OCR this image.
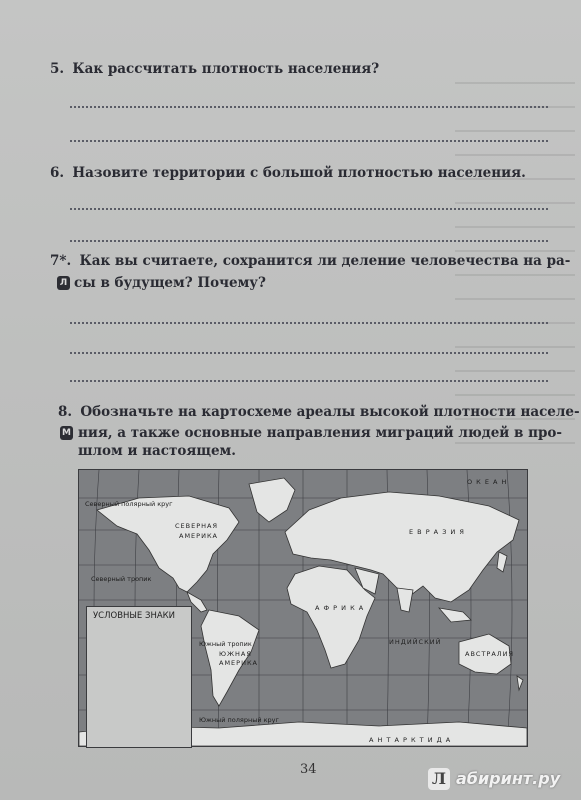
5. Как рассчитать плотность населения?
6. Назовите территории с большой плотностью населения.
7*. Как вы считаете, сохранится ли деление человечества на ра-
Л сы в будущем? Почему?
8. Обозначьте на картосхеме ареалы высокой плотности населе-
М ния, а также основные направления миграций людей в про-
шлом и настоящем.
СЕВЕРНАЯ
АМЕРИКА
ЮЖНАЯ
АМЕРИКА
Е В Р А З И Я
А Ф Р И К А
АВСТРАЛИЯ
А Н Т А Р К Т И Д А
ИНДИЙСКИЙ
О К Е А Н
Северный полярный круг
Северный тропик
Южный тропик
Южный полярный круг
УСЛОВНЫЕ ЗНАКИ
34	Л абиринт.ру
